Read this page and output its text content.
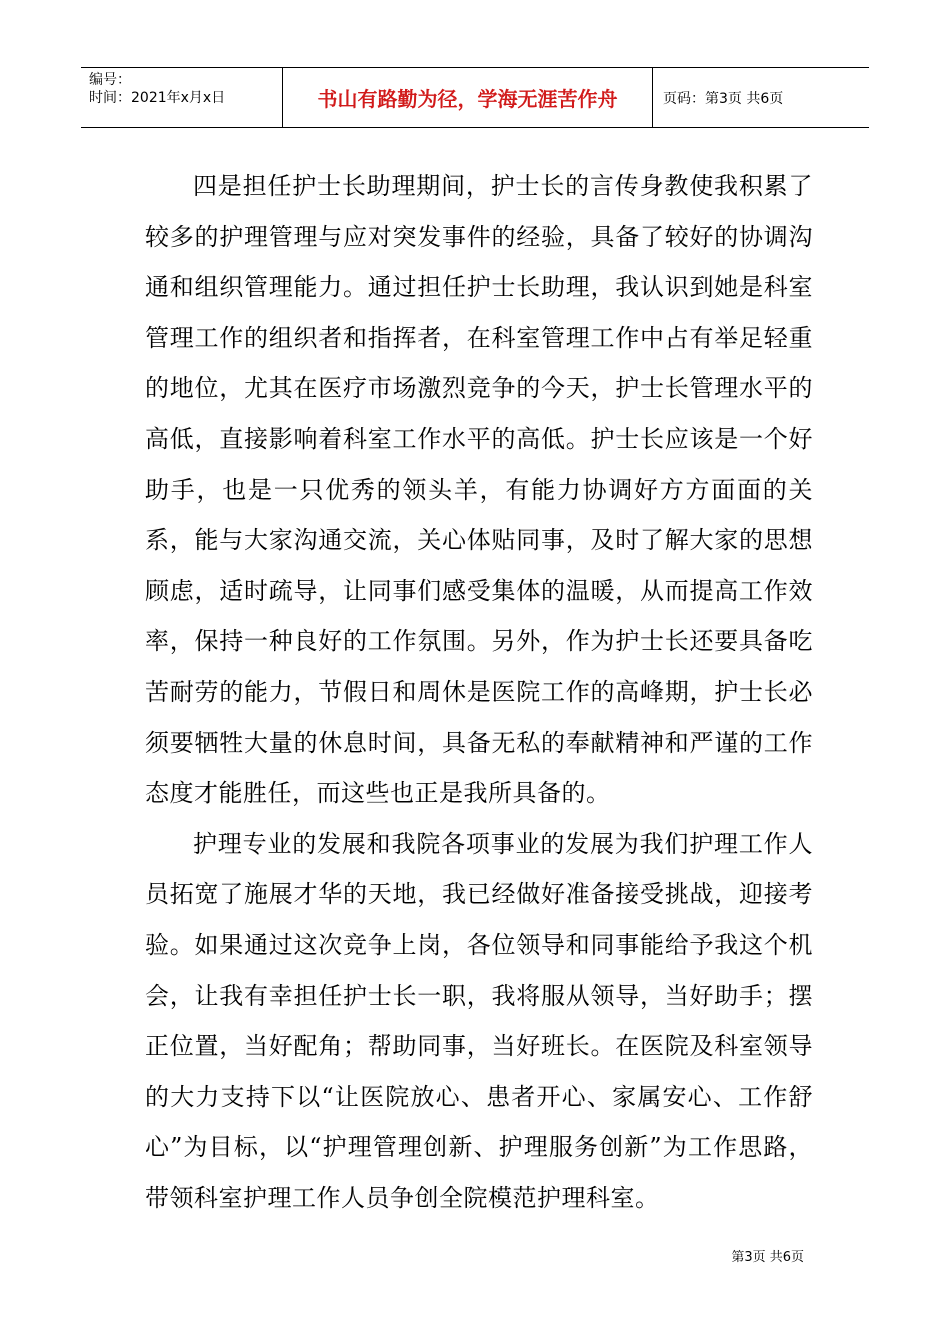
编号：
时间：2021年x月x日	书山有路勤为径，学海无涯苦作舟	页码：第3页 共6页

四是担任护士长助理期间，护士长的言传身教使我积累了较多的护理管理与应对突发事件的经验，具备了较好的协调沟通和组织管理能力。通过担任护士长助理，我认识到她是科室管理工作的组织者和指挥者，在科室管理工作中占有举足轻重的地位，尤其在医疗市场激烈竞争的今天，护士长管理水平的高低，直接影响着科室工作水平的高低。护士长应该是一个好助手，也是一只优秀的领头羊，有能力协调好方方面面的关系，能与大家沟通交流，关心体贴同事，及时了解大家的思想顾虑，适时疏导，让同事们感受集体的温暖，从而提高工作效率，保持一种良好的工作氛围。另外，作为护士长还要具备吃苦耐劳的能力，节假日和周休是医院工作的高峰期，护士长必须要牺牲大量的休息时间，具备无私的奉献精神和严谨的工作态度才能胜任，而这些也正是我所具备的。

护理专业的发展和我院各项事业的发展为我们护理工作人员拓宽了施展才华的天地，我已经做好准备接受挑战，迎接考验。如果通过这次竞争上岗，各位领导和同事能给予我这个机会，让我有幸担任护士长一职，我将服从领导，当好助手；摆正位置，当好配角；帮助同事，当好班长。在医院及科室领导的大力支持下以“让医院放心、患者开心、家属安心、工作舒心”为目标，以“护理管理创新、护理服务创新”为工作思路，带领科室护理工作人员争创全院模范护理科室。

第3页 共6页
